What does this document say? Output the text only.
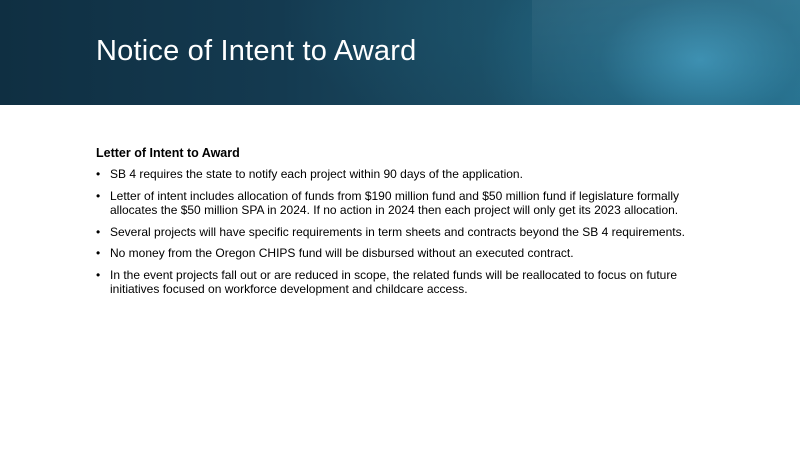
Notice of Intent to Award
Letter of Intent to Award
• SB 4 requires the state to notify each project within 90 days of the application.
• Letter of intent includes allocation of funds from $190 million fund and $50 million fund if legislature formally allocates the $50 million SPA in 2024. If no action in 2024 then each project will only get its 2023 allocation.
• Several projects will have specific requirements in term sheets and contracts beyond the SB 4 requirements.
• No money from the Oregon CHIPS fund will be disbursed without an executed contract.
• In the event projects fall out or are reduced in scope, the related funds will be reallocated to focus on future initiatives focused on workforce development and childcare access.
